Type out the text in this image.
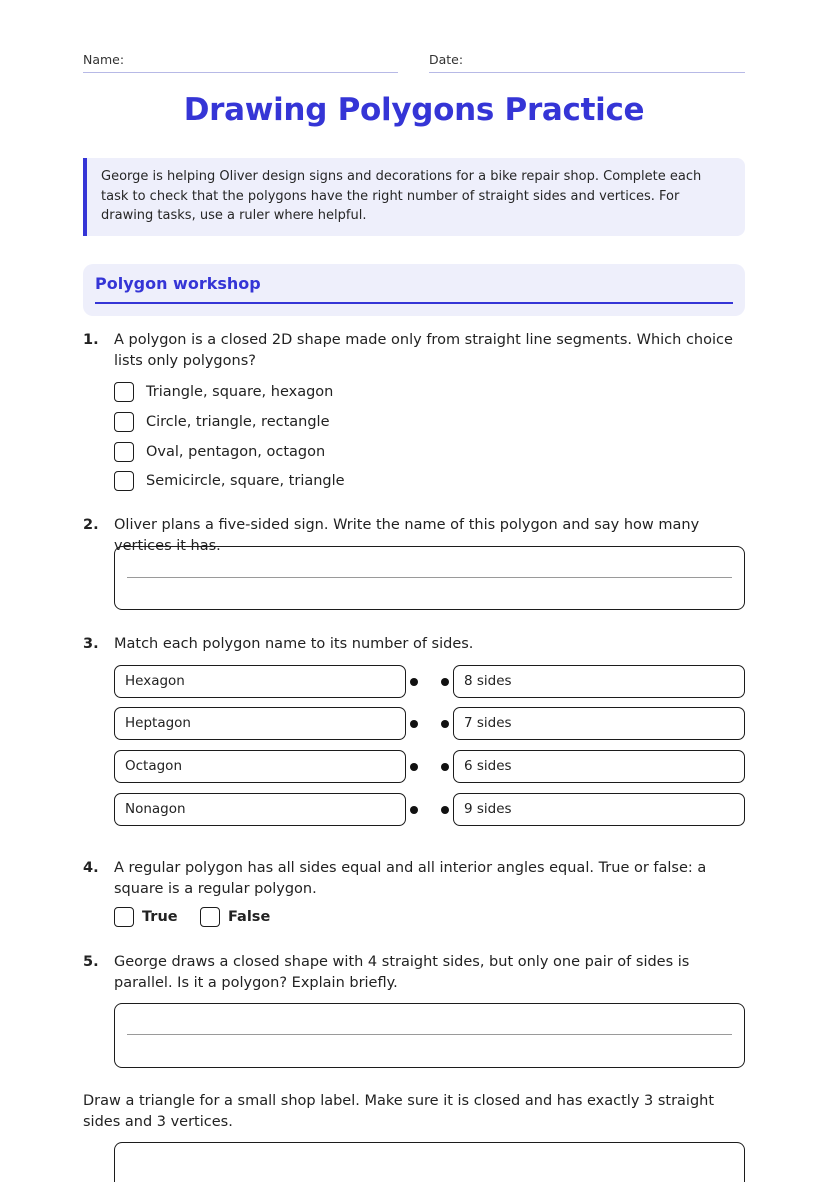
Name:	Date:
Drawing Polygons Practice
George is helping Oliver design signs and decorations for a bike repair shop. Complete each task to check that the polygons have the right number of straight sides and vertices. For drawing tasks, use a ruler where helpful.
Polygon workshop
1. A polygon is a closed 2D shape made only from straight line segments. Which choice lists only polygons?
Triangle, square, hexagon
Circle, triangle, rectangle
Oval, pentagon, octagon
Semicircle, square, triangle
2. Oliver plans a five-sided sign. Write the name of this polygon and say how many vertices it has.
3. Match each polygon name to its number of sides.
Hexagon	8 sides
Heptagon	7 sides
Octagon	6 sides
Nonagon	9 sides
4. A regular polygon has all sides equal and all interior angles equal. True or false: a square is a regular polygon.
True	False
5. George draws a closed shape with 4 straight sides, but only one pair of sides is parallel. Is it a polygon? Explain briefly.
Draw a triangle for a small shop label. Make sure it is closed and has exactly 3 straight sides and 3 vertices.
